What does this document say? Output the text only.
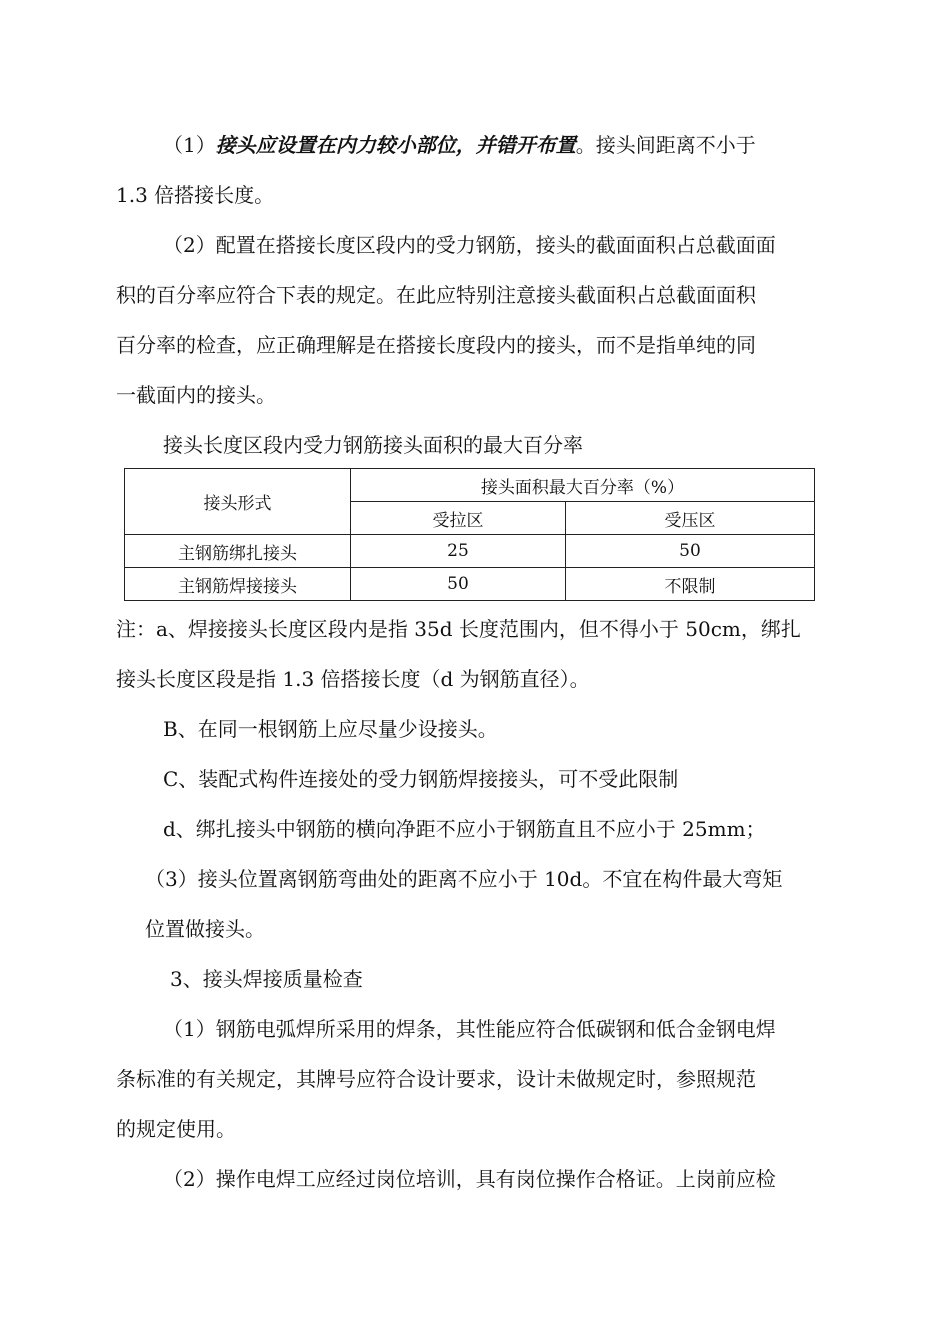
（1）接头应设置在内力较小部位，并错开布置。接头间距离不小于
1.3 倍搭接长度。
（2）配置在搭接长度区段内的受力钢筋，接头的截面面积占总截面面
积的百分率应符合下表的规定。在此应特别注意接头截面积占总截面面积
百分率的检查，应正确理解是在搭接长度段内的接头，而不是指单纯的同
一截面内的接头。
接头长度区段内受力钢筋接头面积的最大百分率
接头形式	接头面积最大百分率（%）	
	受拉区	受压区
主钢筋绑扎接头	25	50
主钢筋焊接接头	50	不限制
注：a、焊接接头长度区段内是指 35d 长度范围内，但不得小于 50cm，绑扎
接头长度区段是指 1.3 倍搭接长度（d 为钢筋直径）。
B、在同一根钢筋上应尽量少设接头。
C、装配式构件连接处的受力钢筋焊接接头，可不受此限制
d、绑扎接头中钢筋的横向净距不应小于钢筋直且不应小于 25mm；
（3）接头位置离钢筋弯曲处的距离不应小于 10d。不宜在构件最大弯矩
位置做接头。
3、接头焊接质量检查
（1）钢筋电弧焊所采用的焊条，其性能应符合低碳钢和低合金钢电焊
条标准的有关规定，其牌号应符合设计要求，设计未做规定时，参照规范
的规定使用。
（2）操作电焊工应经过岗位培训，具有岗位操作合格证。上岗前应检
